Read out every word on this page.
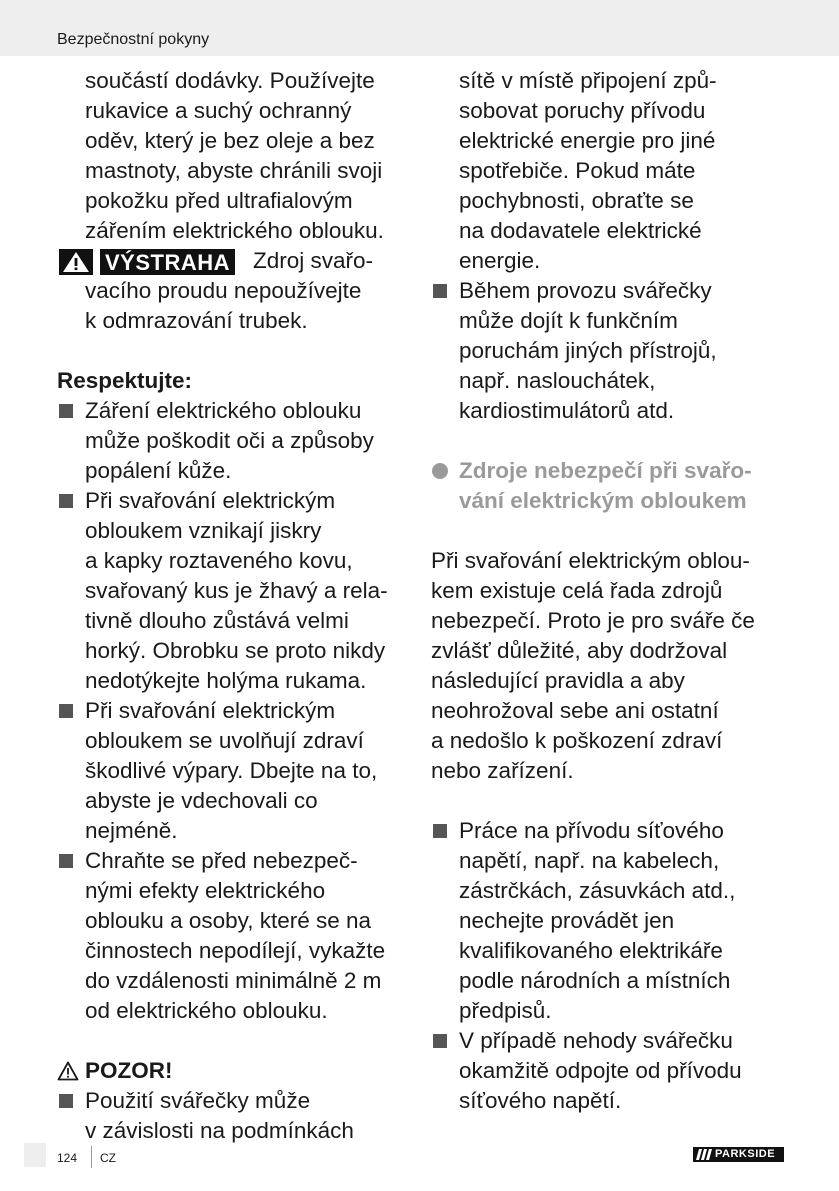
Bezpečnostní pokyny
součástí dodávky. Používejte
rukavice a suchý ochranný
oděv, který je bez oleje a bez
mastnoty, abyste chránili svoji
pokožku před ultrafialovým
zářením elektrického oblouku.
VÝSTRAHA Zdroj svařo-
vacího proudu nepoužívejte
k odmrazování trubek.
Respektujte:
Záření elektrického oblouku
může poškodit oči a způsoby
popálení kůže.
Při svařování elektrickým
obloukem vznikají jiskry
a kapky roztaveného kovu,
svařovaný kus je žhavý a rela-
tivně dlouho zůstává velmi
horký. Obrobku se proto nikdy
nedotýkejte holýma rukama.
Při svařování elektrickým
obloukem se uvolňují zdraví
škodlivé výpary. Dbejte na to,
abyste je vdechovali co
nejméně.
Chraňte se před nebezpeč-
nými efekty elektrického
oblouku a osoby, které se na
činnostech nepodílejí, vykažte
do vzdálenosti minimálně 2 m
od elektrického oblouku.
POZOR!
Použití svářečky může
v závislosti na podmínkách
sítě v místě připojení způ-
sobovat poruchy přívodu
elektrické energie pro jiné
spotřebiče. Pokud máte
pochybnosti, obraťte se
na dodavatele elektrické
energie.
Během provozu svářečky
může dojít k funkčním
poruchám jiných přístrojů,
např. naslouchátek,
kardiostimulátorů atd.
Zdroje nebezpečí při svařo-
vání elektrickým obloukem
Při svařování elektrickým oblou-
kem existuje celá řada zdrojů
nebezpečí. Proto je pro sváře če
zvlášť důležité, aby dodržoval
následující pravidla a aby
neohrožoval sebe ani ostatní
a nedošlo k poškození zdraví
nebo zařízení.
Práce na přívodu síťového
napětí, např. na kabelech,
zástrčkách, zásuvkách atd.,
nechejte provádět jen
kvalifikovaného elektrikáře
podle národních a místních
předpisů.
V případě nehody svářečku
okamžitě odpojte od přívodu
síťového napětí.
124 CZ	PARKSIDE
